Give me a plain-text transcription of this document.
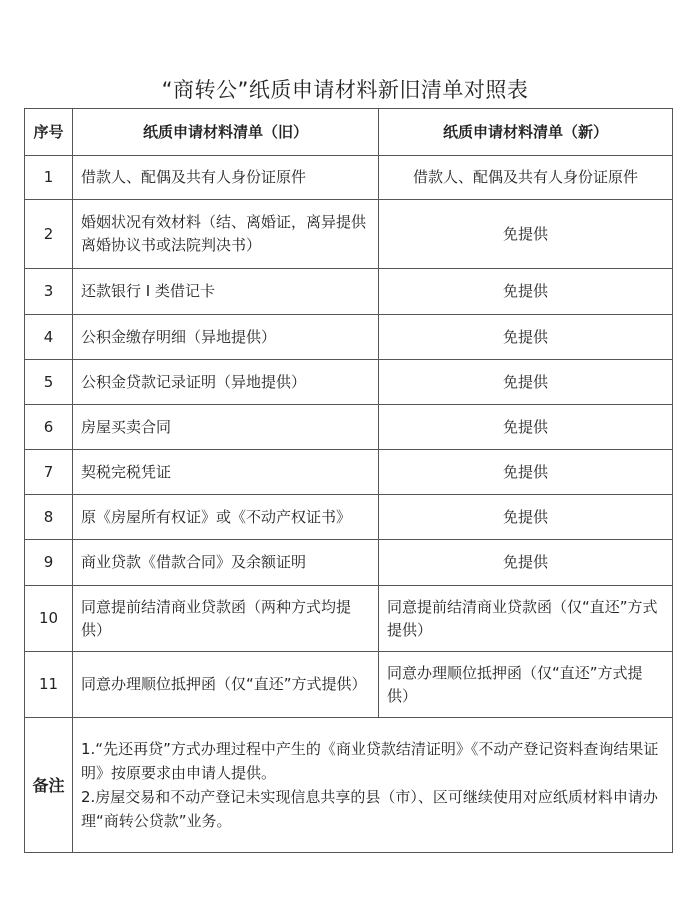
“商转公”纸质申请材料新旧清单对照表
序号	纸质申请材料清单（旧）	纸质申请材料清单（新）
1	借款人、配偶及共有人身份证原件	借款人、配偶及共有人身份证原件
2	婚姻状况有效材料（结、离婚证，离异提供离婚协议书或法院判决书）	免提供
3	还款银行 I 类借记卡	免提供
4	公积金缴存明细（异地提供）	免提供
5	公积金贷款记录证明（异地提供）	免提供
6	房屋买卖合同	免提供
7	契税完税凭证	免提供
8	原《房屋所有权证》或《不动产权证书》	免提供
9	商业贷款《借款合同》及余额证明	免提供
10	同意提前结清商业贷款函（两种方式均提供）	同意提前结清商业贷款函（仅“直还”方式提供）
11	同意办理顺位抵押函（仅“直还”方式提供）	同意办理顺位抵押函（仅“直还”方式提供）
备注	1.“先还再贷”方式办理过程中产生的《商业贷款结清证明》《不动产登记资料查询结果证明》按原要求由申请人提供。

2.房屋交易和不动产登记未实现信息共享的县（市）、区可继续使用对应纸质材料申请办理“商转公贷款”业务。	
